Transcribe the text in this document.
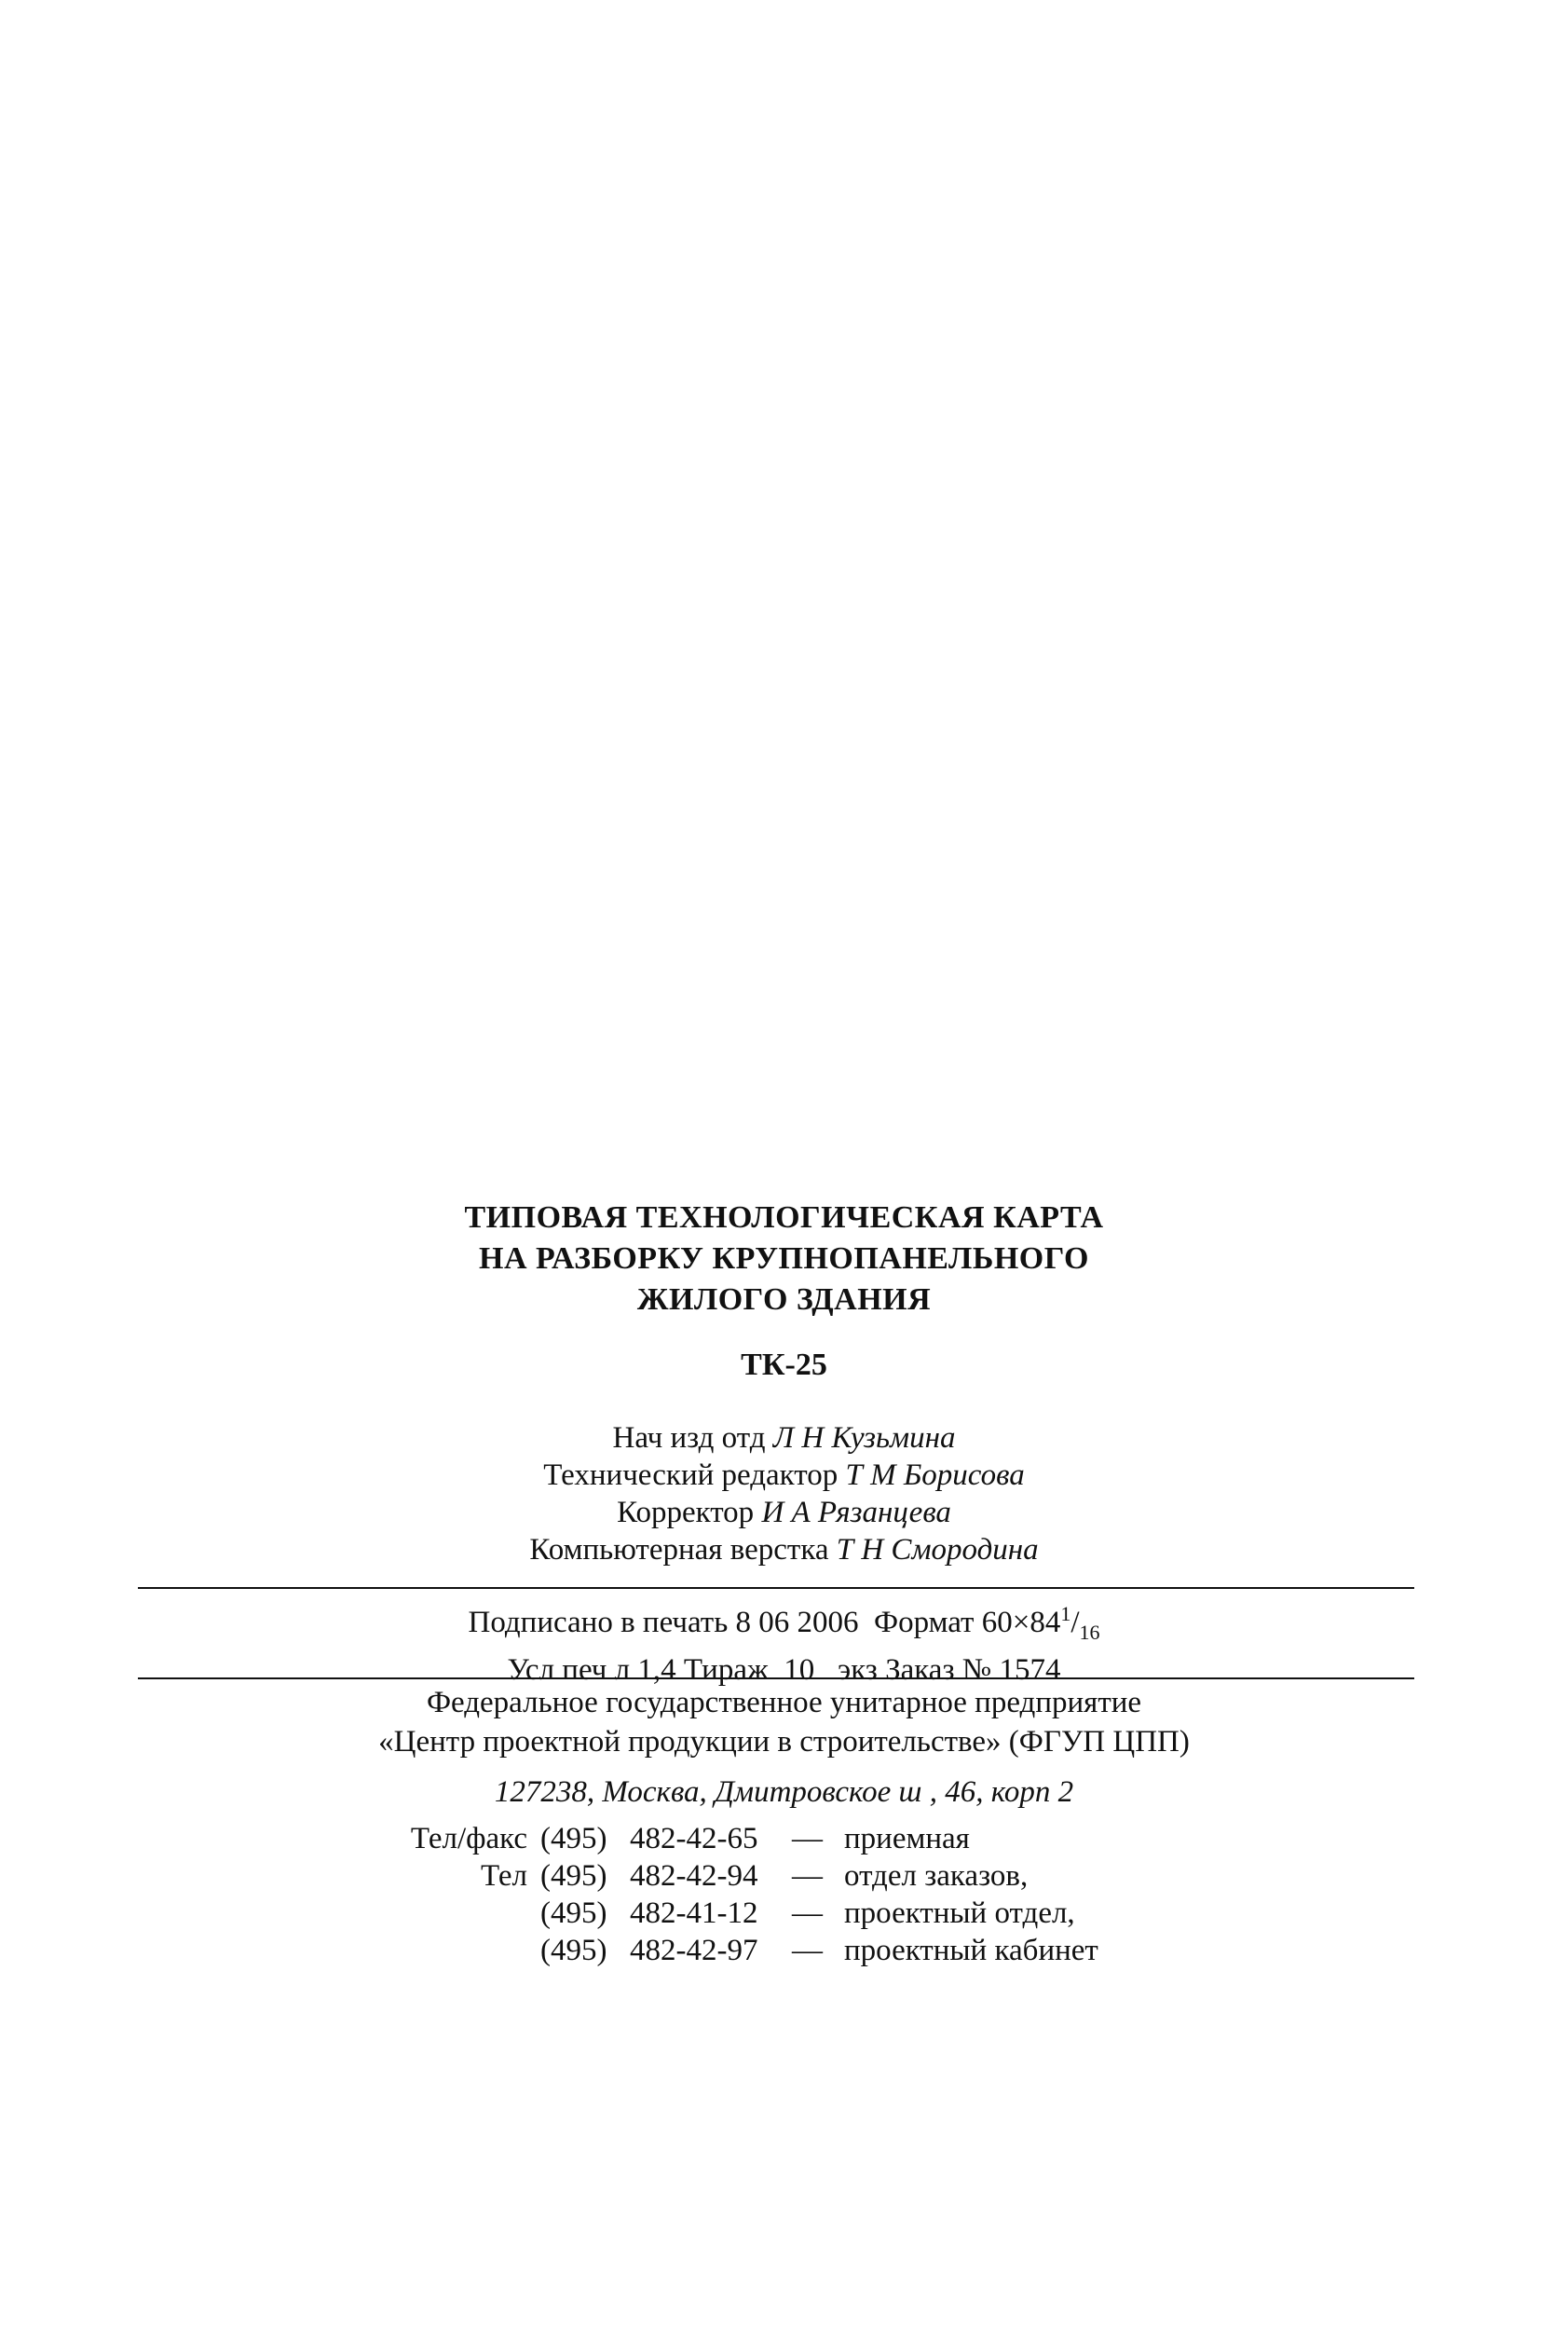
ТИПОВАЯ ТЕХНОЛОГИЧЕСКАЯ КАРТА
НА РАЗБОРКУ КРУПНОПАНЕЛЬНОГО
ЖИЛОГО ЗДАНИЯ
ТК-25
Нач изд отд Л Н Кузьмина
Технический редактор Т М Борисова
Корректор И А Рязанцева
Компьютерная верстка Т Н Смородина
Подписано в печать 8 06 2006 Формат $60\times 84^1/_{16}$
Усл печ л 1,4 Тираж  10   экз Заказ № 1574
Федеральное государственное унитарное предприятие
«Центр проектной продукции в строительстве» (ФГУП ЦПП)
127238, Москва, Дмитровское ш , 46, корп 2
Тел/факс (495) 482-42-65	— приемная
Тел (495) 482-42-94	— отдел заказов,
(495) 482-41-12	— проектный отдел,
(495) 482-42-97	— проектный кабинет
